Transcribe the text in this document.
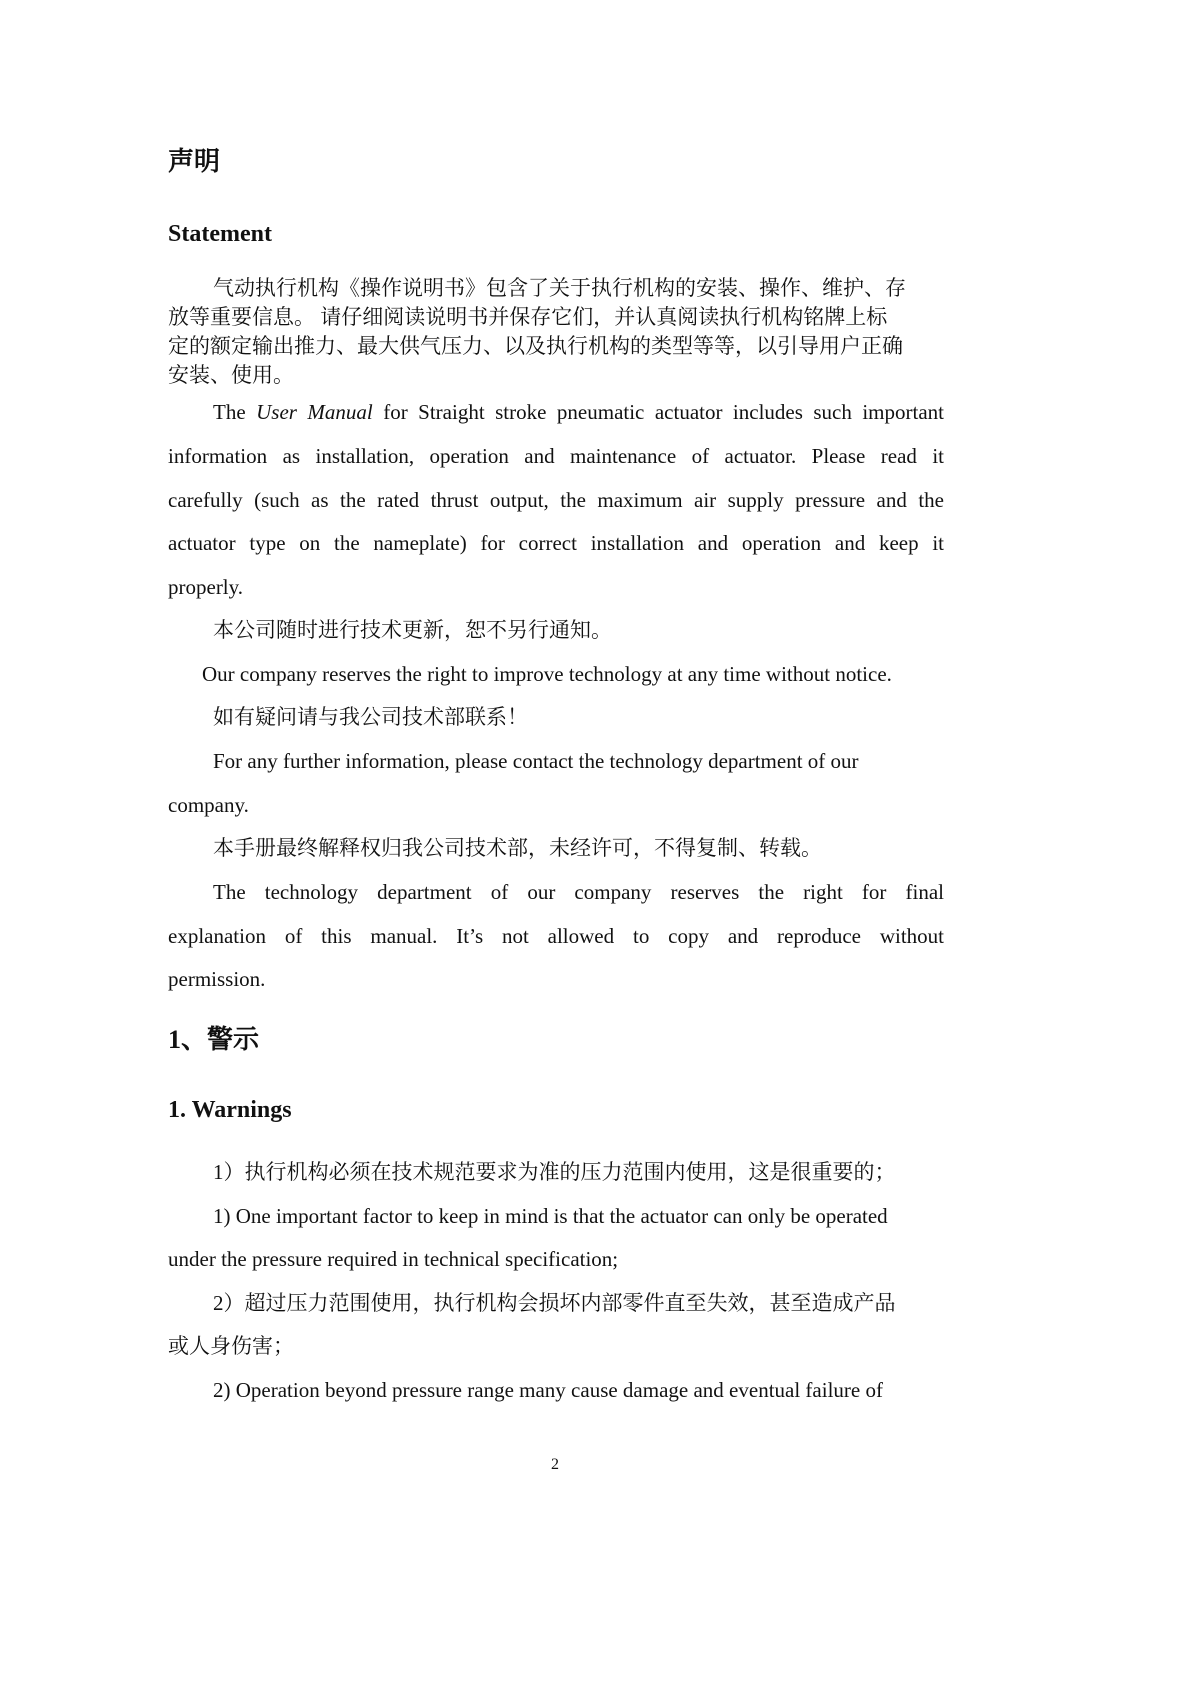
声明
Statement
气动执行机构《操作说明书》包含了关于执行机构的安装、操作、维护、存
放等重要信息。 请仔细阅读说明书并保存它们，并认真阅读执行机构铭牌上标
定的额定输出推力、最大供气压力、以及执行机构的类型等等，以引导用户正确
安装、使用。
The User Manual for Straight stroke pneumatic actuator includes such important
information as installation, operation and maintenance of actuator. Please read it
carefully (such as the rated thrust output, the maximum air supply pressure and the
actuator type on the nameplate) for correct installation and operation and keep it
properly.
本公司随时进行技术更新，恕不另行通知。
Our company reserves the right to improve technology at any time without notice.
如有疑问请与我公司技术部联系！
For any further information, please contact the technology department of our
company.
本手册最终解释权归我公司技术部，未经许可，不得复制、转载。
The technology department of our company reserves the right for final
explanation of this manual. It’s not allowed to copy and reproduce without
permission.
1、警示
1. Warnings
1）执行机构必须在技术规范要求为准的压力范围内使用，这是很重要的；
1) One important factor to keep in mind is that the actuator can only be operated
under the pressure required in technical specification;
2）超过压力范围使用，执行机构会损坏内部零件直至失效，甚至造成产品
或人身伤害；
2) Operation beyond pressure range many cause damage and eventual failure of
2
